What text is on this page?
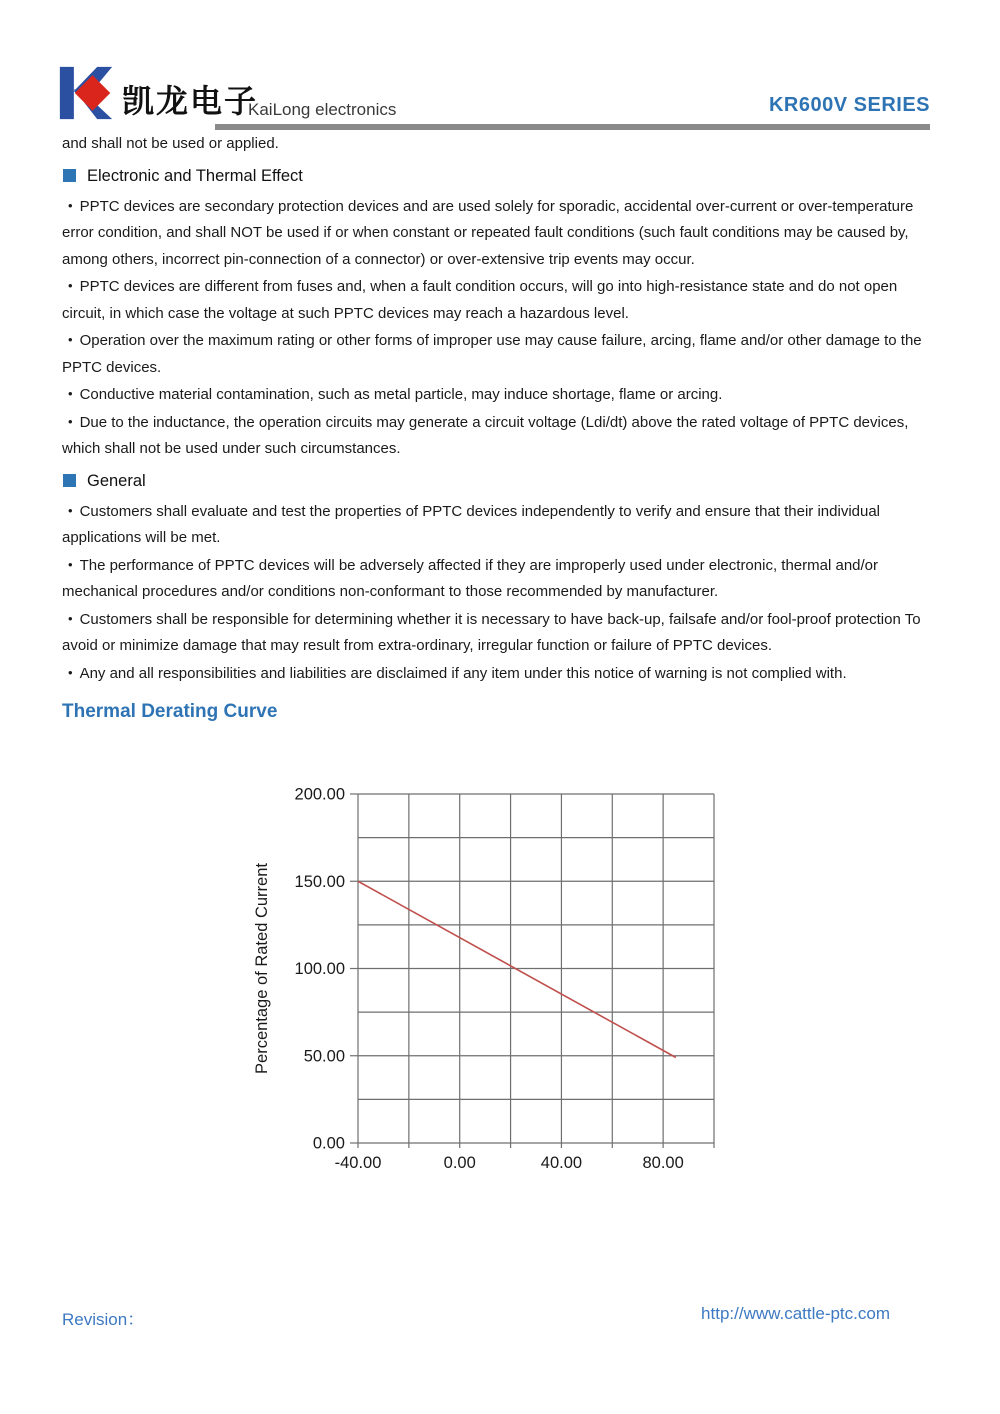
凯龙电子
KaiLong electronics	KR600V SERIES

and shall not be used or applied.

Electronic and Thermal Effect

• PPTC devices are secondary protection devices and are used solely for sporadic, accidental over-current or over-temperature error condition, and shall NOT be used if or when constant or repeated fault conditions (such fault conditions may be caused by, among others, incorrect pin-connection of a connector) or over-extensive trip events may occur.

• PPTC devices are different from fuses and, when a fault condition occurs, will go into high-resistance state and do not open circuit, in which case the voltage at such PPTC devices may reach a hazardous level.

• Operation over the maximum rating or other forms of improper use may cause failure, arcing, flame and/or other damage to the PPTC devices.

• Conductive material contamination, such as metal particle, may induce shortage, flame or arcing.

• Due to the inductance, the operation circuits may generate a circuit voltage (Ldi/dt) above the rated voltage of PPTC devices, which shall not be used under such circumstances.

General

• Customers shall evaluate and test the properties of PPTC devices independently to verify and ensure that their individual applications will be met.

• The performance of PPTC devices will be adversely affected if they are improperly used under electronic, thermal and/or mechanical procedures and/or conditions non-conformant to those recommended by manufacturer.

• Customers shall be responsible for determining whether it is necessary to have back-up, failsafe and/or fool-proof protection To avoid or minimize damage that may result from extra-ordinary, irregular function or failure of PPTC devices.

• Any and all responsibilities and liabilities are disclaimed if any item under this notice of warning is not complied with.

Thermal Derating Curve
0.00
50.00
100.00
150.00
200.00
-40.00	0.00	40.00	80.00
Percentage of Rated Current
Revision：	http://www.cattle-ptc.com
